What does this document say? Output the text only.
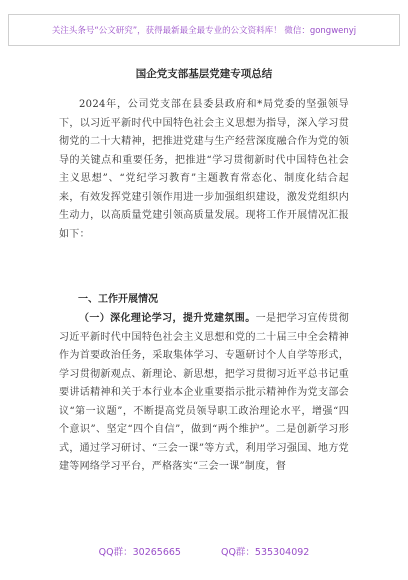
关注头条号“公文研究”，获得最新最全最专业的公文资料库！ 微信：gongwenyj
国企党支部基层党建专项总结
2024年，公司党支部在县委县政府和*局党委的坚强领导下，以习近平新时代中国特色社会主义思想为指导，深入学习贯彻党的二十大精神，把推进党建与生产经营深度融合作为党的领导的关键点和重要任务，把推进“学习贯彻新时代中国特色社会主义思想”、“党纪学习教育”主题教育常态化、制度化结合起来，有效发挥党建引领作用进一步加强组织建设，激发党组织内生动力，以高质量党建引领高质量发展。现将工作开展情况汇报如下：
一、工作开展情况
（一）深化理论学习，提升党建氛围。一是把学习宣传贯彻习近平新时代中国特色社会主义思想和党的二十届三中全会精神作为首要政治任务，采取集体学习、专题研讨个人自学等形式，学习贯彻新观点、新理论、新思想，把学习贯彻习近平总书记重要讲话精神和关于本行业本企业重要指示批示精神作为党支部会议“第一议题”，不断提高党员领导职工政治理论水平，增强“四个意识”、坚定“四个自信”，做到“两个维护”。二是创新学习形式，通过学习研讨、“三会一课”等方式，利用学习强国、地方党建等网络学习平台，严格落实“三会一课”制度，督
QQ群：30265665	QQ群：535304092
